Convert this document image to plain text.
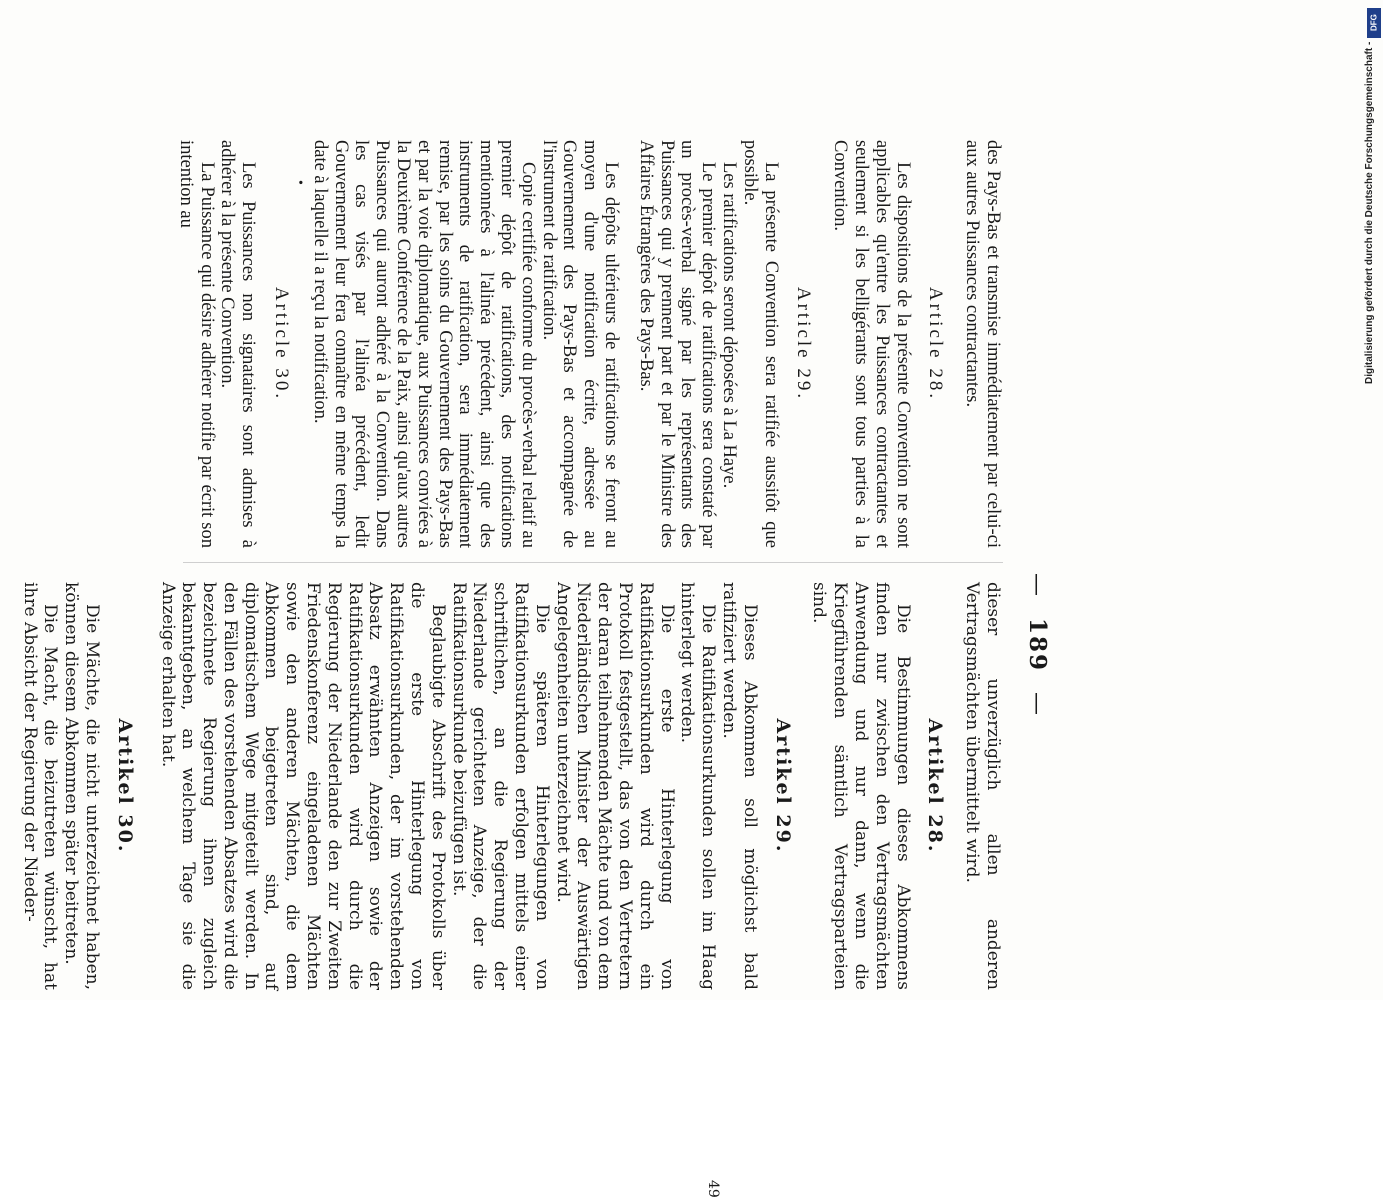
—  189  —

des Pays-Bas et transmise immédiatement par celui-ci aux autres Puissances contractantes.

Article 28.

Les dispositions de la présente Convention ne sont applicables qu'entre les Puissances contractantes et seulement si les belligérants sont tous parties à la Convention.

Article 29.

La présente Convention sera ratifiée aussitôt que possible.

Les ratifications seront déposées à La Haye.

Le premier dépôt de ratifications sera constaté par un procès-verbal signé par les représentants des Puissances qui y prennent part et par le Ministre des Affaires Étrangères des Pays-Bas.

Les dépôts ultérieurs de ratifications se feront au moyen d'une notification écrite, adressée au Gouvernement des Pays-Bas et accompagnée de l'instrument de ratification.

Copie certifiée conforme du procès-verbal relatif au premier dépôt de ratifications, des notifications mentionnées à l'alinéa précédent, ainsi que des instruments de ratification, sera immédiatement remise, par les soins du Gouvernement des Pays-Bas et par la voie diplomatique, aux Puissances conviées à la Deuxième Conférence de la Paix, ainsi qu'aux autres Puissances qui auront adhéré à la Convention. Dans les cas visés par l'alinéa précédent, ledit Gouvernement leur fera connaître en même temps la date à laquelle il a reçu la notification.

•
Article 30.

Les Puissances non signataires sont admises à adhérer à la présente Convention.

La Puissance qui désire adhérer notifie par écrit son intention au

dieser unverzüglich allen anderen Vertragsmächten übermittelt wird.

Artikel 28.

Die Bestimmungen dieses Abkommens finden nur zwischen den Vertragsmächten Anwendung und nur dann, wenn die Kriegführenden sämtlich Vertragsparteien sind.

Artikel 29.

Dieses Abkommen soll möglichst bald ratifiziert werden.

Die Ratifikationsurkunden sollen im Haag hinterlegt werden.

Die erste Hinterlegung von Ratifikationsurkunden wird durch ein Protokoll festgestellt, das von den Vertretern der daran teilnehmenden Mächte und von dem Niederländischen Minister der Auswärtigen Angelegenheiten unterzeichnet wird.

Die späteren Hinterlegungen von Ratifikationsurkunden erfolgen mittels einer schriftlichen, an die Regierung der Niederlande gerichteten Anzeige, der die Ratifikationsurkunde beizufügen ist.

Beglaubigte Abschrift des Protokolls über die erste Hinterlegung von Ratifikationsurkunden, der im vorstehenden Absatz erwähnten Anzeigen sowie der Ratifikationsurkunden wird durch die Regierung der Niederlande den zur Zweiten Friedenskonferenz eingeladenen Mächten sowie den anderen Mächten, die dem Abkommen beigetreten sind, auf diplomatischem Wege mitgeteilt werden. In den Fällen des vorstehenden Absatzes wird die bezeichnete Regierung ihnen zugleich bekanntgeben, an welchem Tage sie die Anzeige erhalten hat.

Artikel 30.

Die Mächte, die nicht unterzeichnet haben, können diesem Abkommen später beitreten.

Die Macht, die beizutreten wünscht, hat ihre Absicht der Regierung der Nieder-

49
DFG
Digitalisierung gefördert durch die Deutsche Forschungsgemeinschaft -
